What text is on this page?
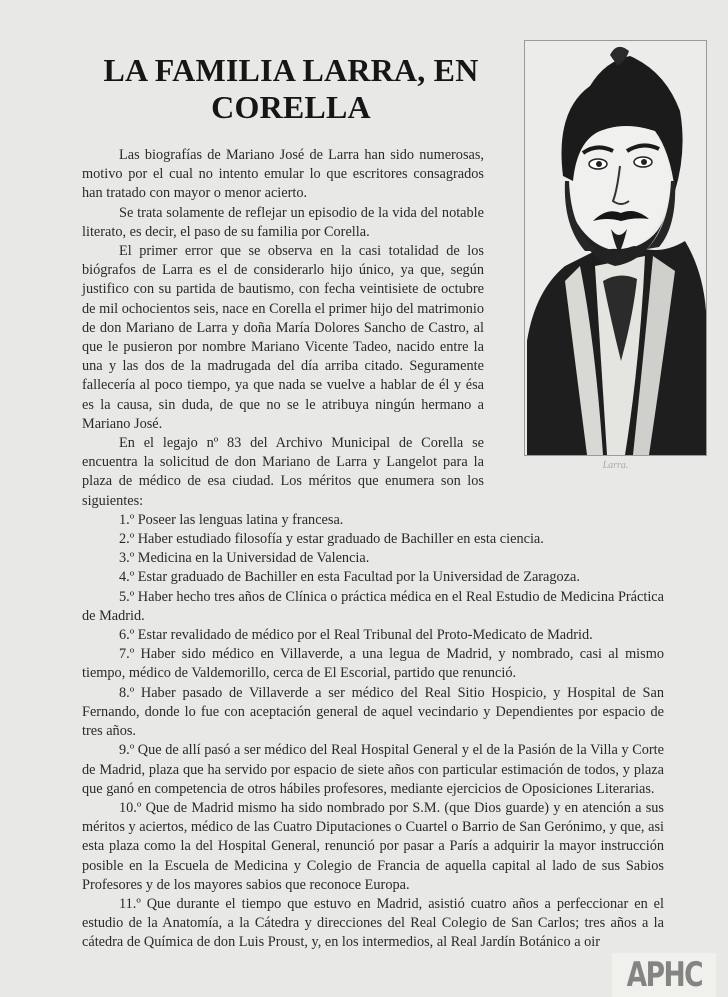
Larra.
LA FAMILIA LARRA, EN CORELLA

Las biografías de Mariano José de Larra han sido numerosas, motivo por el cual no intento emular lo que escritores consagrados han tratado con mayor o menor acierto.

Se trata solamente de reflejar un episodio de la vida del notable literato, es decir, el paso de su familia por Corella.

El primer error que se observa en la casi totalidad de los biógrafos de Larra es el de considerarlo hijo único, ya que, según justifico con su partida de bautismo, con fecha veintisiete de octubre de mil ochocientos seis, nace en Corella el primer hijo del matrimonio de don Mariano de Larra y doña María Dolores Sancho de Castro, al que le pusieron por nombre Mariano Vicente Tadeo, nacido entre la una y las dos de la madrugada del día arriba citado. Seguramente fallecería al poco tiempo, ya que nada se vuelve a hablar de él y ésa es la causa, sin duda, de que no se le atribuya ningún hermano a Mariano José.

En el legajo nº 83 del Archivo Municipal de Corella se encuentra la solicitud de don Mariano de Larra y Langelot para la plaza de médico de esa ciudad. Los méritos que enumera son los siguientes:

1.º Poseer las lenguas latina y francesa.

2.º Haber estudiado filosofía y estar graduado de Bachiller en esta ciencia.

3.º Medicina en la Universidad de Valencia.

4.º Estar graduado de Bachiller en esta Facultad por la Universidad de Zaragoza.

5.º Haber hecho tres años de Clínica o práctica médica en el Real Estudio de Medicina Práctica de Madrid.

6.º Estar revalidado de médico por el Real Tribunal del Proto-Medicato de Madrid.

7.º Haber sido médico en Villaverde, a una legua de Madrid, y nombrado, casi al mismo tiempo, médico de Valdemorillo, cerca de El Escorial, partido que renunció.

8.º Haber pasado de Villaverde a ser médico del Real Sitio Hospicio, y Hospital de San Fernando, donde lo fue con aceptación general de aquel vecindario y Dependientes por espacio de tres años.

9.º Que de allí pasó a ser médico del Real Hospital General y el de la Pasión de la Villa y Corte de Madrid, plaza que ha servido por espacio de siete años con particular estimación de todos, y plaza que ganó en competencia de otros hábiles profesores, mediante ejercicios de Oposiciones Literarias.

10.º Que de Madrid mismo ha sido nombrado por S.M. (que Dios guarde) y en atención a sus méritos y aciertos, médico de las Cuatro Diputaciones o Cuartel o Barrio de San Gerónimo, y que, asi esta plaza como la del Hospital General, renunció por pasar a París a adquirir la mayor instrucción posible en la Escuela de Medicina y Colegio de Francia de aquella capital al lado de sus Sabios Profesores y de los mayores sabios que reconoce Europa.

11.º Que durante el tiempo que estuvo en Madrid, asistió cuatro años a perfeccionar en el estudio de la Anatomía, a la Cátedra y direcciones del Real Colegio de San Carlos; tres años a la cátedra de Química de don Luis Proust, y, en los intermedios, al Real Jardín Botánico a oir

APHC
